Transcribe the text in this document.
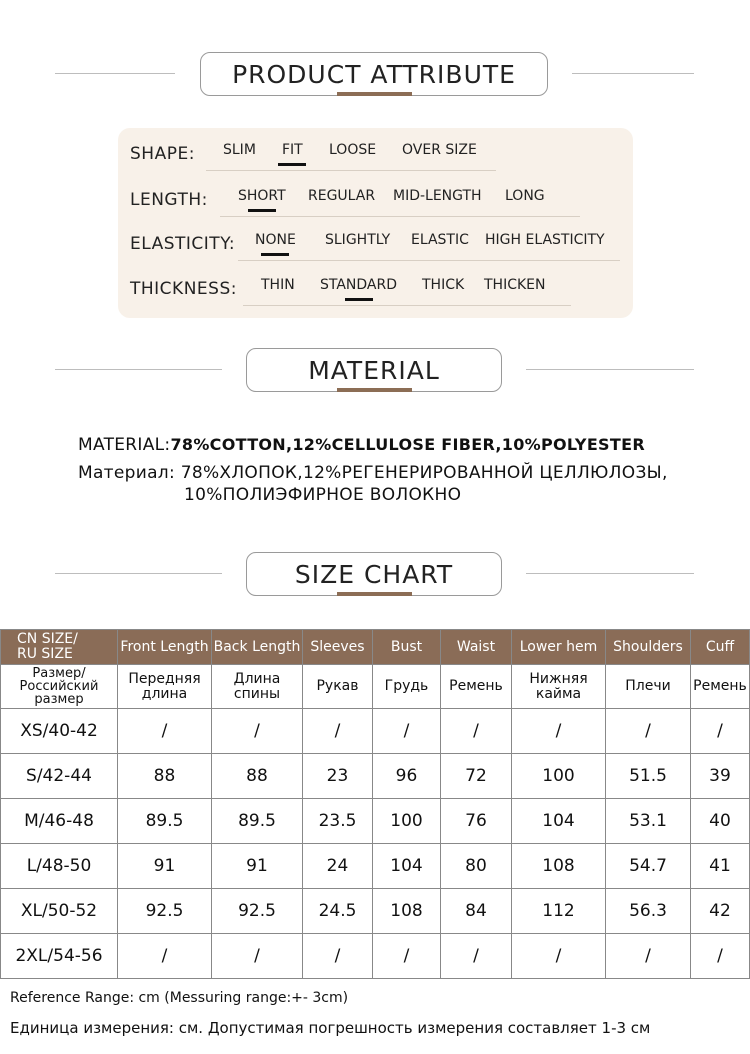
PRODUCT ATTRIBUTE
SHAPE: SLIM FIT LOOSE OVER SIZE
LENGTH: SHORT REGULAR MID-LENGTH LONG
ELASTICITY: NONE SLIGHTLY ELASTIC HIGH ELASTICITY
THICKNESS: THIN STANDARD THICK THICKEN
MATERIAL
MATERIAL:78%COTTON,12%CELLULOSE FIBER,10%POLYESTER
Материал: 78%ХЛОПОК,12%РЕГЕНЕРИРОВАННОЙ ЦЕЛЛЮЛОЗЫ,
10%ПОЛИЭФИРНОЕ ВОЛОКНО
SIZE CHART
CN SIZE/
RU SIZE	Front Length	Back Length	Sleeves	Bust	Waist	Lower hem	Shoulders	Cuff
Размер/
Российский
размер	Передняя
длина	Длина
спины	Рукав	Грудь	Ремень	Нижняя
кайма	Плечи	Ремень
XS/40-42	/	/	/	/	/	/	/	/
S/42-44	88	88	23	96	72	100	51.5	39
M/46-48	89.5	89.5	23.5	100	76	104	53.1	40
L/48-50	91	91	24	104	80	108	54.7	41
XL/50-52	92.5	92.5	24.5	108	84	112	56.3	42
2XL/54-56	/	/	/	/	/	/	/	/
Reference Range: cm (Messuring range:+- 3cm)
Единица измерения: см. Допустимая погрешность измерения составляет 1-3 см
